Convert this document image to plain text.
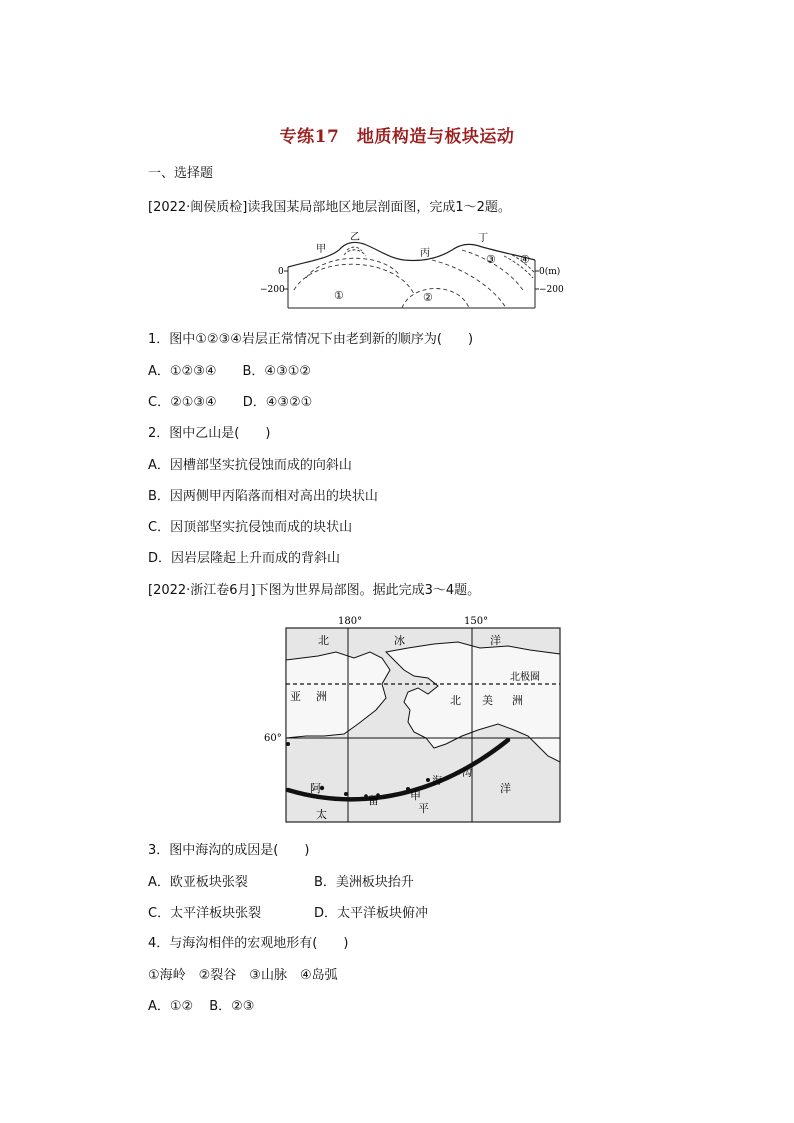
专练17　地质构造与板块运动
一、选择题
[2022·闽侯质检]读我国某局部地区地层剖面图，完成1～2题。
甲
乙
丙
丁
①	②
③ ④
0
−200
0(m)
−200
1．图中①②③④岩层正常情况下由老到新的顺序为(　　)
A．①②③④ B．④③①②
C．②①③④ D．④③②①
2．图中乙山是(　　)
A．因槽部坚实抗侵蚀而成的向斜山
B．因两侧甲丙陷落而相对高出的块状山
C．因顶部坚实抗侵蚀而成的块状山
D．因岩层隆起上升而成的背斜山
[2022·浙江卷6月]下图为世界局部图。据此完成3～4题。
180°	150°
60°
北极圈
北	冰	洋
亚 洲	北 美 洲
海
沟
阿
留	申
太	平
洋
3．图中海沟的成因是(　　)
A．欧亚板块张裂	B．美洲板块抬升
C．太平洋板块张裂	D．太平洋板块俯冲
4．与海沟相伴的宏观地形有(　　)
①海岭　②裂谷　③山脉　④岛弧
A．①② B．②③
